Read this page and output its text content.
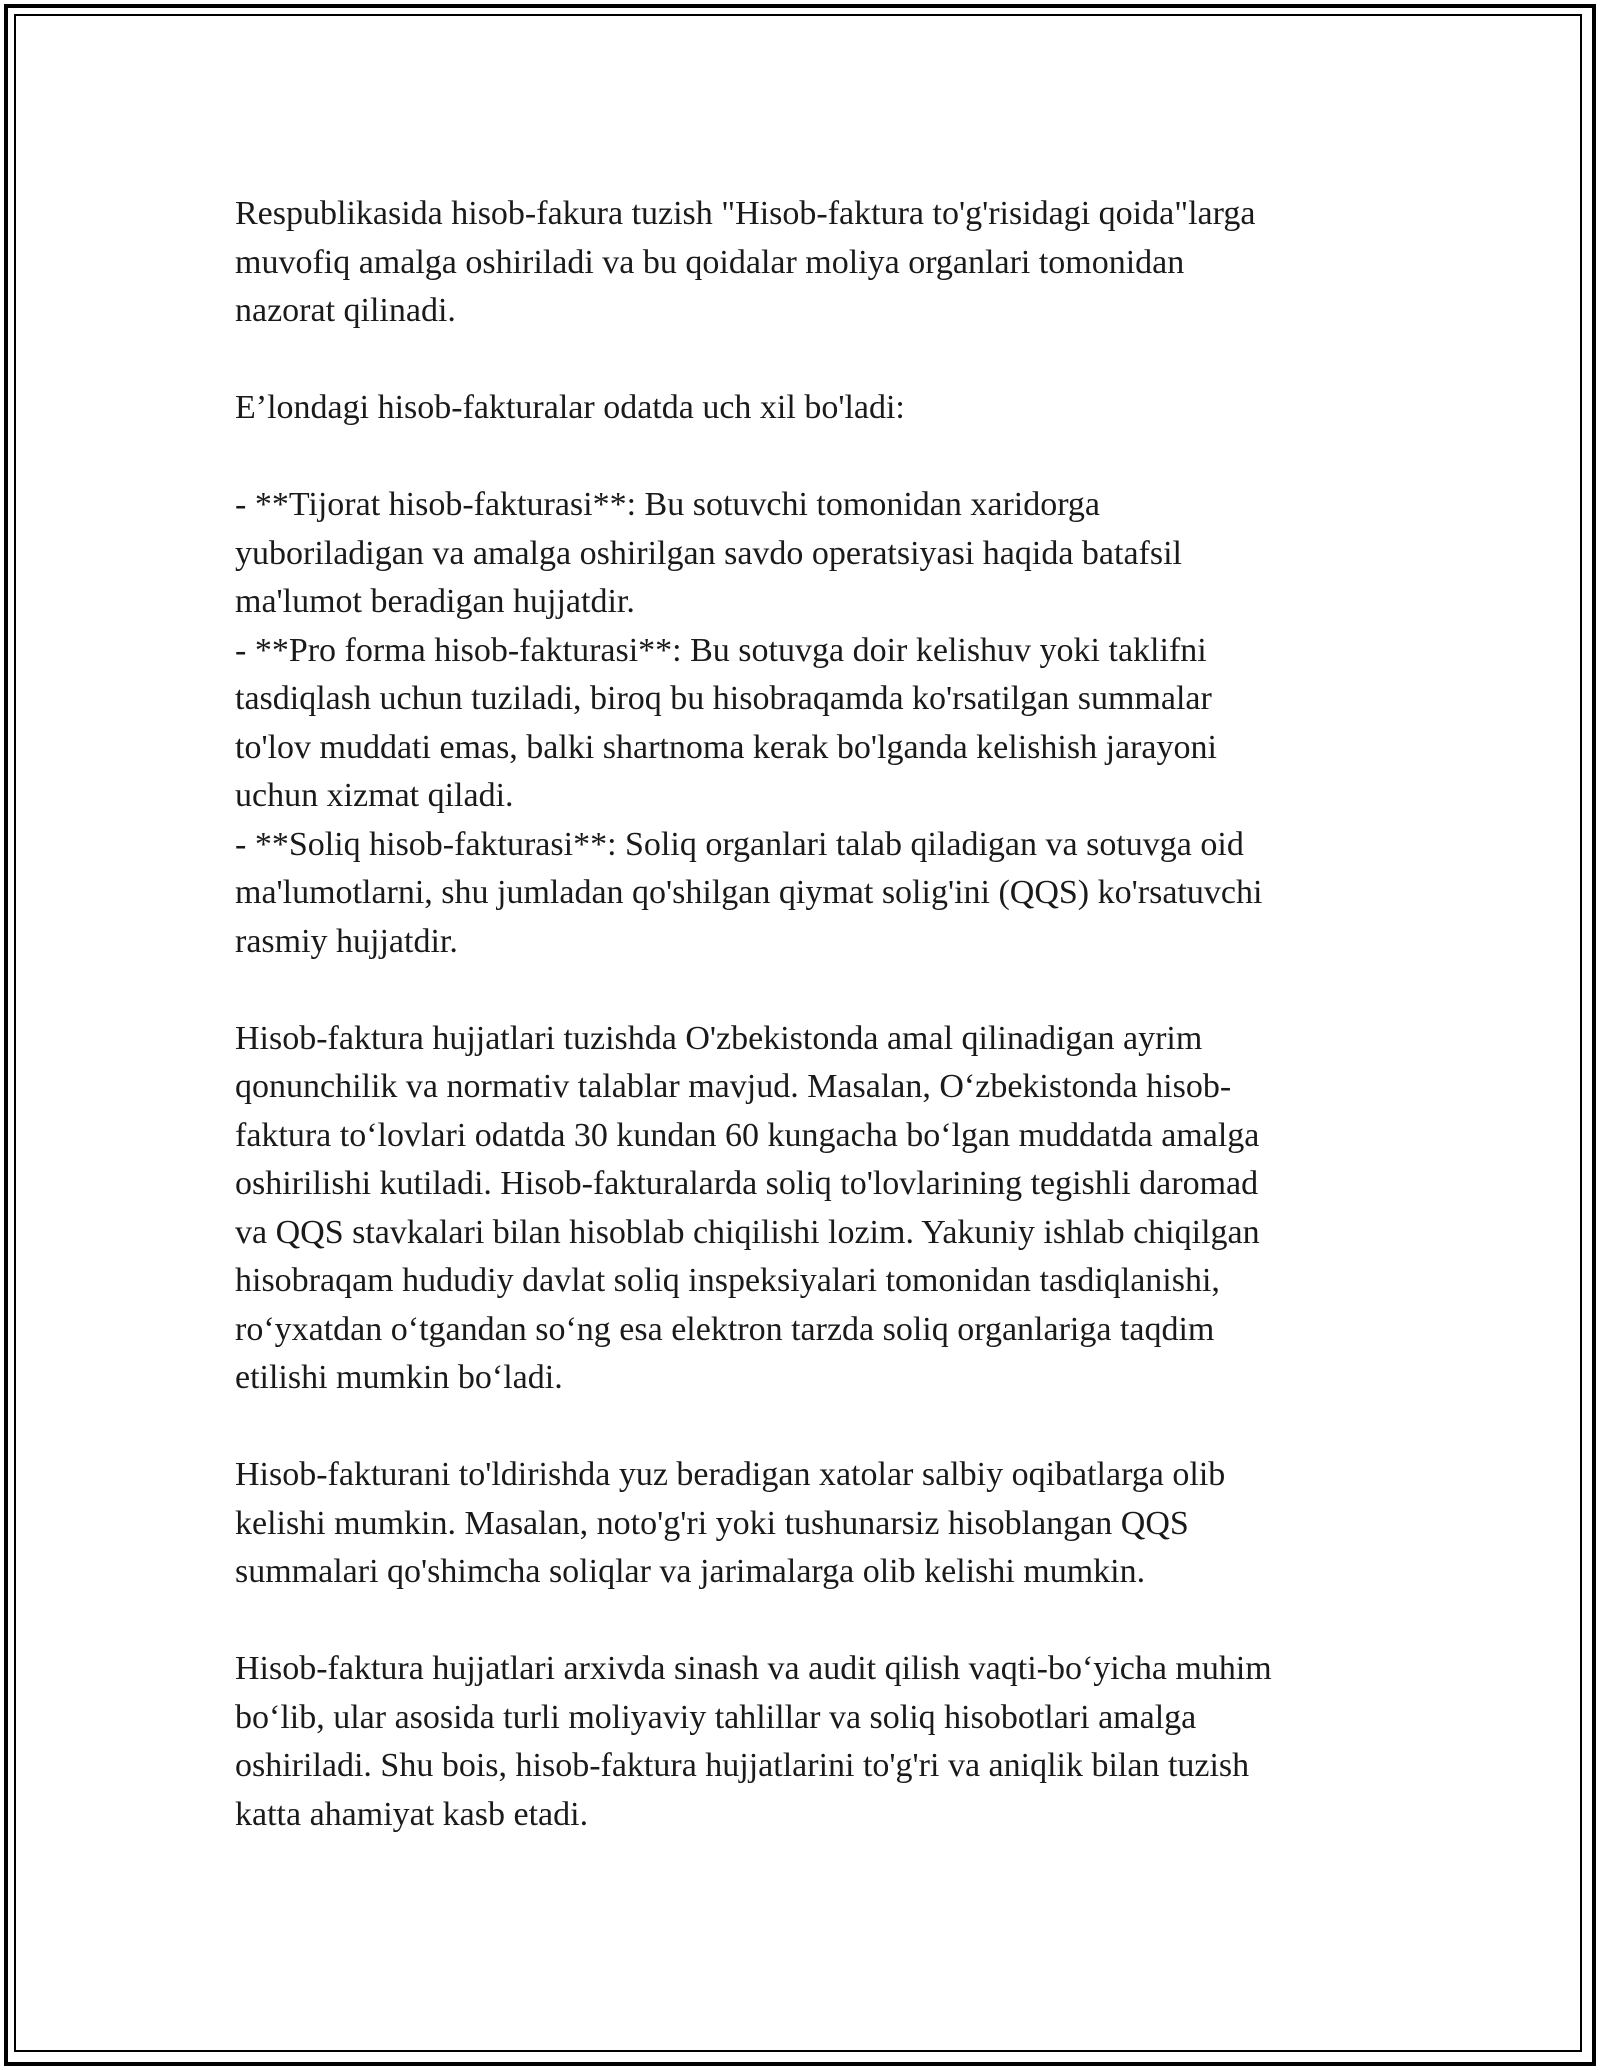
Respublikasida hisob-fakura tuzish "Hisob-faktura to'g'risidagi qoida"larga
muvofiq amalga oshiriladi va bu qoidalar moliya organlari tomonidan
nazorat qilinadi.

E’londagi hisob-fakturalar odatda uch xil bo'ladi:

- **Tijorat hisob-fakturasi**: Bu sotuvchi tomonidan xaridorga
yuboriladigan va amalga oshirilgan savdo operatsiyasi haqida batafsil
ma'lumot beradigan hujjatdir.
- **Pro forma hisob-fakturasi**: Bu sotuvga doir kelishuv yoki taklifni
tasdiqlash uchun tuziladi, biroq bu hisobraqamda ko'rsatilgan summalar
to'lov muddati emas, balki shartnoma kerak bo'lganda kelishish jarayoni
uchun xizmat qiladi.
- **Soliq hisob-fakturasi**: Soliq organlari talab qiladigan va sotuvga oid
ma'lumotlarni, shu jumladan qo'shilgan qiymat solig'ini (QQS) ko'rsatuvchi
rasmiy hujjatdir.

Hisob-faktura hujjatlari tuzishda O'zbekistonda amal qilinadigan ayrim
qonunchilik va normativ talablar mavjud. Masalan, O‘zbekistonda hisob-
faktura to‘lovlari odatda 30 kundan 60 kungacha bo‘lgan muddatda amalga
oshirilishi kutiladi. Hisob-fakturalarda soliq to'lovlarining tegishli daromad
va QQS stavkalari bilan hisoblab chiqilishi lozim. Yakuniy ishlab chiqilgan
hisobraqam hududiy davlat soliq inspeksiyalari tomonidan tasdiqlanishi,
ro‘yxatdan o‘tgandan so‘ng esa elektron tarzda soliq organlariga taqdim
etilishi mumkin bo‘ladi.

Hisob-fakturani to'ldirishda yuz beradigan xatolar salbiy oqibatlarga olib
kelishi mumkin. Masalan, noto'g'ri yoki tushunarsiz hisoblangan QQS
summalari qo'shimcha soliqlar va jarimalarga olib kelishi mumkin.

Hisob-faktura hujjatlari arxivda sinash va audit qilish vaqti-bo‘yicha muhim
bo‘lib, ular asosida turli moliyaviy tahlillar va soliq hisobotlari amalga
oshiriladi. Shu bois, hisob-faktura hujjatlarini to'g'ri va aniqlik bilan tuzish
katta ahamiyat kasb etadi.
